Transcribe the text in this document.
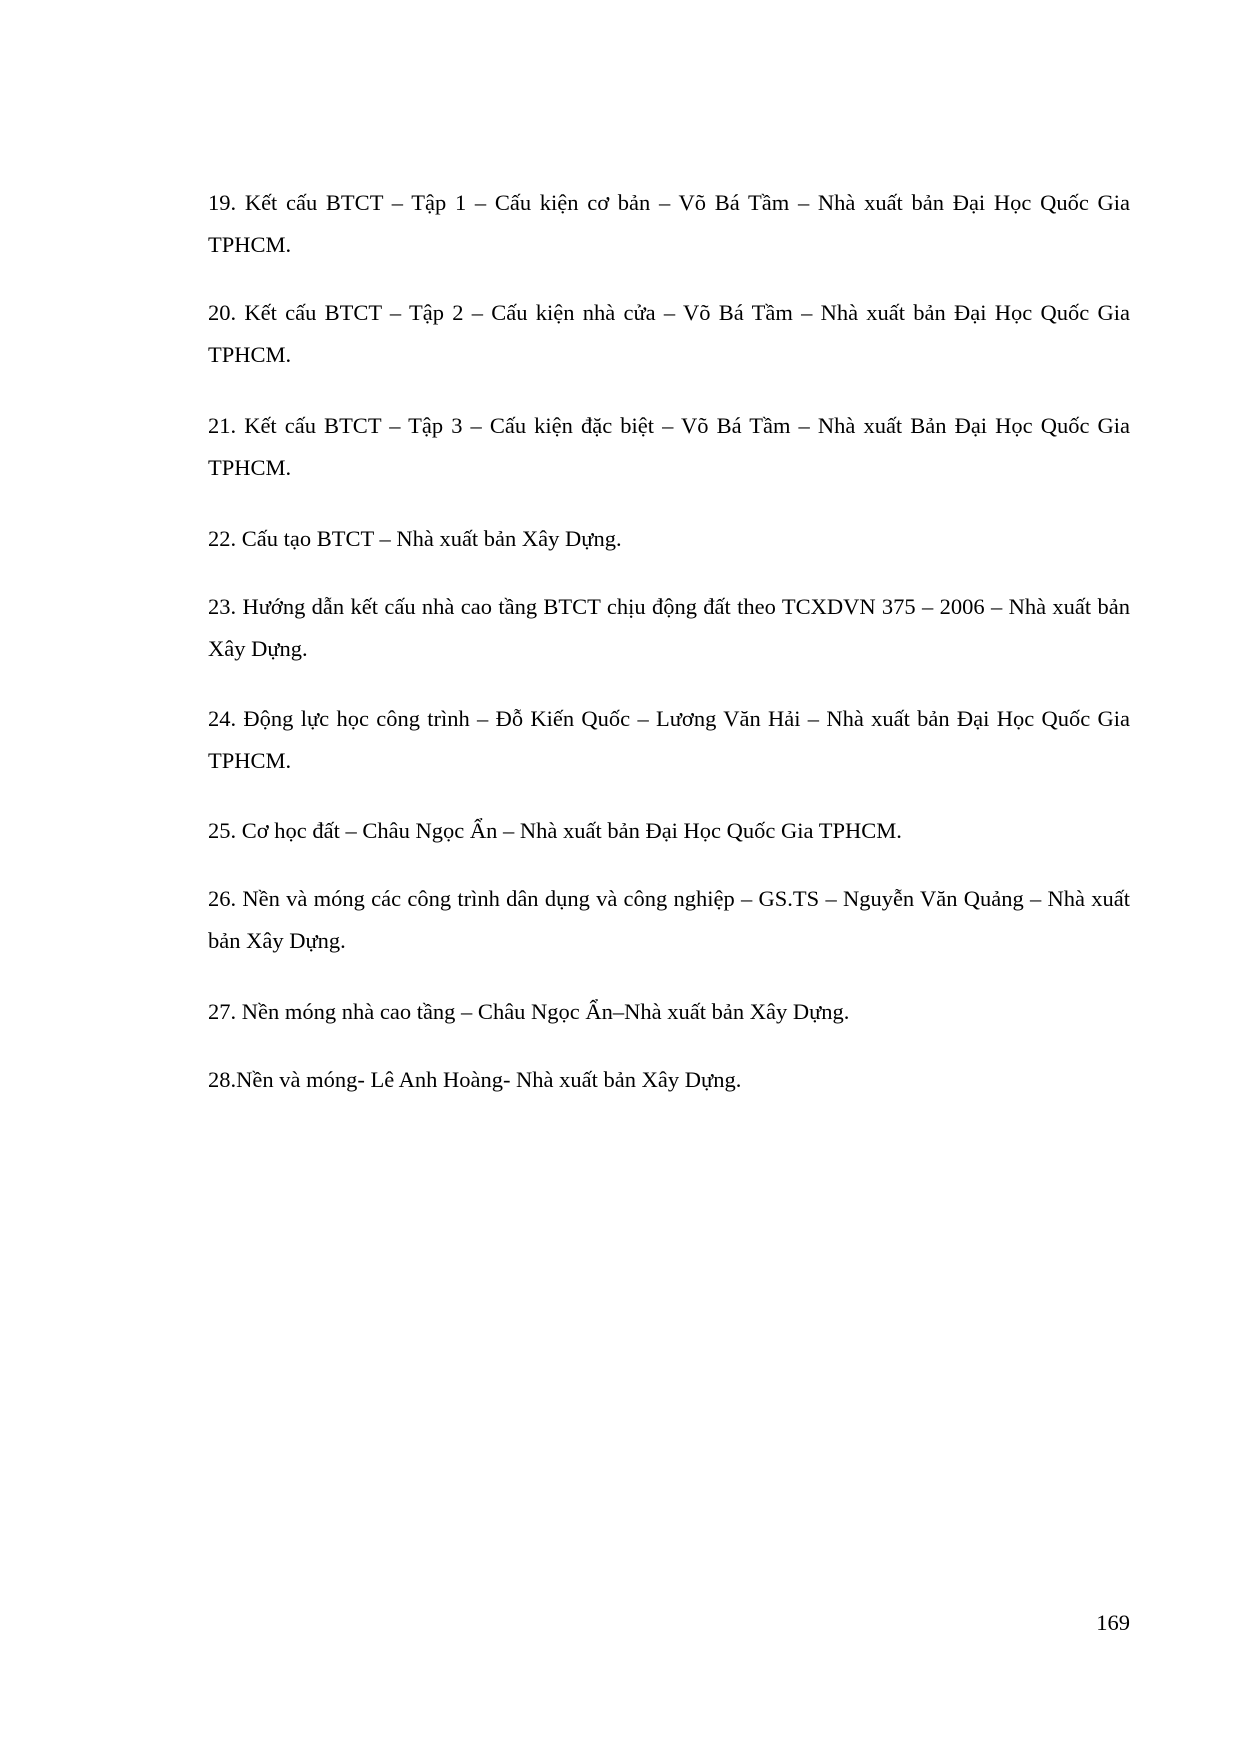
19. Kết cấu BTCT – Tập 1 – Cấu kiện cơ bản – Võ Bá Tầm – Nhà xuất bản Đại Học Quốc Gia TPHCM.

20. Kết cấu BTCT – Tập 2 – Cấu kiện nhà cửa – Võ Bá Tầm – Nhà xuất bản Đại Học Quốc Gia TPHCM.

21. Kết cấu BTCT – Tập 3 – Cấu kiện đặc biệt – Võ Bá Tầm – Nhà xuất Bản Đại Học Quốc Gia TPHCM.

22. Cấu tạo BTCT – Nhà xuất bản Xây Dựng.

23. Hướng dẫn kết cấu nhà cao tầng BTCT chịu động đất theo TCXDVN 375 – 2006 – Nhà xuất bản Xây Dựng.

24. Động lực học công trình – Đỗ Kiến Quốc – Lương Văn Hải – Nhà xuất bản Đại Học Quốc Gia TPHCM.

25. Cơ học đất – Châu Ngọc Ẩn – Nhà xuất bản Đại Học Quốc Gia TPHCM.

26. Nền và móng các công trình dân dụng và công nghiệp – GS.TS – Nguyễn Văn Quảng – Nhà xuất bản Xây Dựng.

27. Nền móng nhà cao tầng – Châu Ngọc Ẩn–Nhà xuất bản Xây Dựng.

28.Nền và móng- Lê Anh Hoàng- Nhà xuất bản Xây Dựng.

169
